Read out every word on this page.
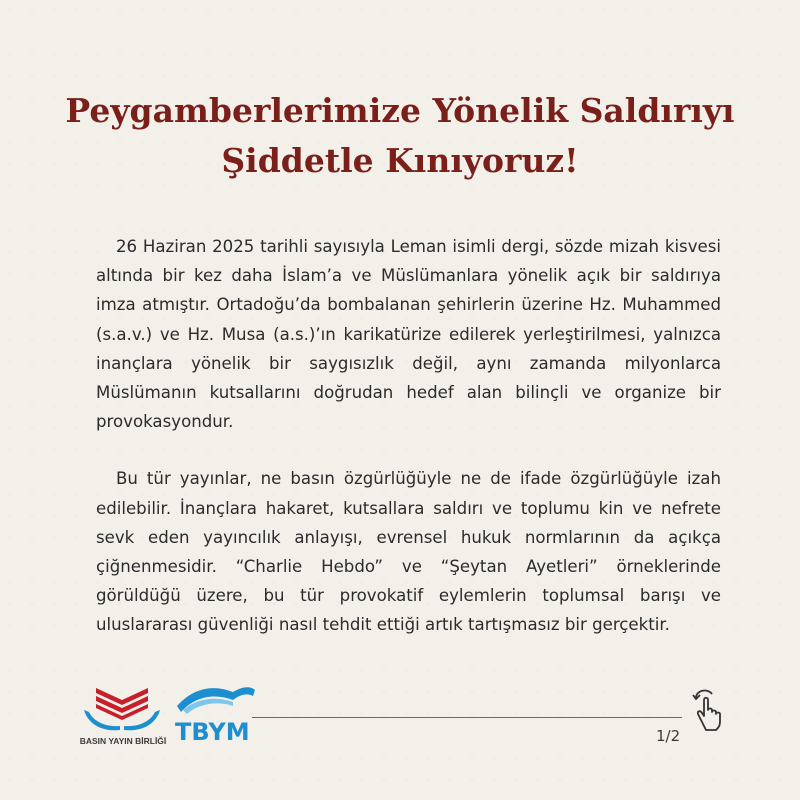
Peygamberlerimize Yönelik Saldırıyı
Şiddetle Kınıyoruz!

26 Haziran 2025 tarihli sayısıyla Leman isimli dergi, sözde mizah kisvesi altında bir kez daha İslam’a ve Müslümanlara yönelik açık bir saldırıya imza atmıştır. Ortadoğu’da bombalanan şehirlerin üzerine Hz. Muhammed (s.a.v.) ve Hz. Musa (a.s.)’ın karikatürize edilerek yerleştirilmesi, yalnızca inançlara yönelik bir saygısızlık değil, aynı zamanda milyonlarca Müslümanın kutsallarını doğrudan hedef alan bilinçli ve organize bir provokasyondur.

Bu tür yayınlar, ne basın özgürlüğüyle ne de ifade özgürlüğüyle izah edilebilir. İnançlara hakaret, kutsallara saldırı ve toplumu kin ve nefrete sevk eden yayıncılık anlayışı, evrensel hukuk normlarının da açıkça çiğnenmesidir. “Charlie Hebdo” ve “Şeytan Ayetleri” örneklerinde görüldüğü üzere, bu tür provokatif eylemlerin toplumsal barışı ve uluslararası güvenliği nasıl tehdit ettiği artık tartışmasız bir gerçektir.

BASIN YAYIN BİRLİĞİ TBYM	1/2
